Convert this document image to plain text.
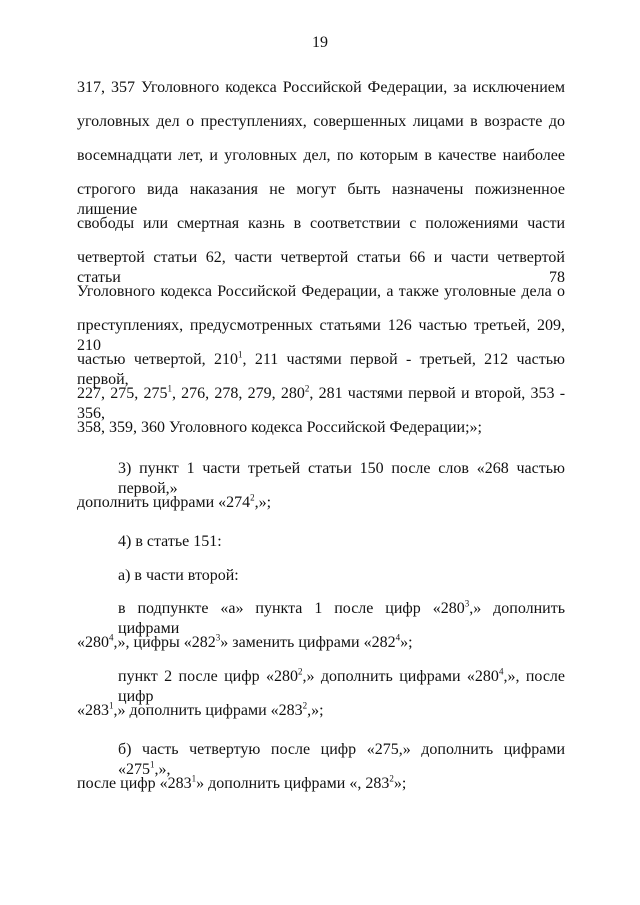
19
317, 357 Уголовного кодекса Российской Федерации, за исключением
уголовных дел о преступлениях, совершенных лицами в возрасте до
восемнадцати лет, и уголовных дел, по которым в качестве наиболее
строгого вида наказания не могут быть назначены пожизненное лишение
свободы или смертная казнь в соответствии с положениями части
четвертой статьи 62, части четвертой статьи 66 и части четвертой статьи 78
Уголовного кодекса Российской Федерации, а также уголовные дела о
преступлениях, предусмотренных статьями 126 частью третьей, 209, 210
частью четвертой, $210^1$, 211 частями первой - третьей, 212 частью первой,
227, 275, $275^1$, 276, 278, 279, $280^2$, 281 частями первой и второй, 353 - 356,
358, 359, 360 Уголовного кодекса Российской Федерации;»;
3) пункт 1 части третьей статьи 150 после слов «268 частью первой,»
дополнить цифрами «$274^2$,»;
4) в статье 151:
а) в части второй:
в подпункте «а» пункта 1 после цифр «$280^3$,» дополнить цифрами
«$280^4$,», цифры «$282^3$» заменить цифрами «$282^4$»;
пункт 2 после цифр «$280^2$,» дополнить цифрами «$280^4$,», после цифр
«$283^1$,» дополнить цифрами «$283^2$,»;
б) часть четвертую после цифр «275,» дополнить цифрами «$275^1$,»,
после цифр «$283^1$» дополнить цифрами «, $283^2$»;
